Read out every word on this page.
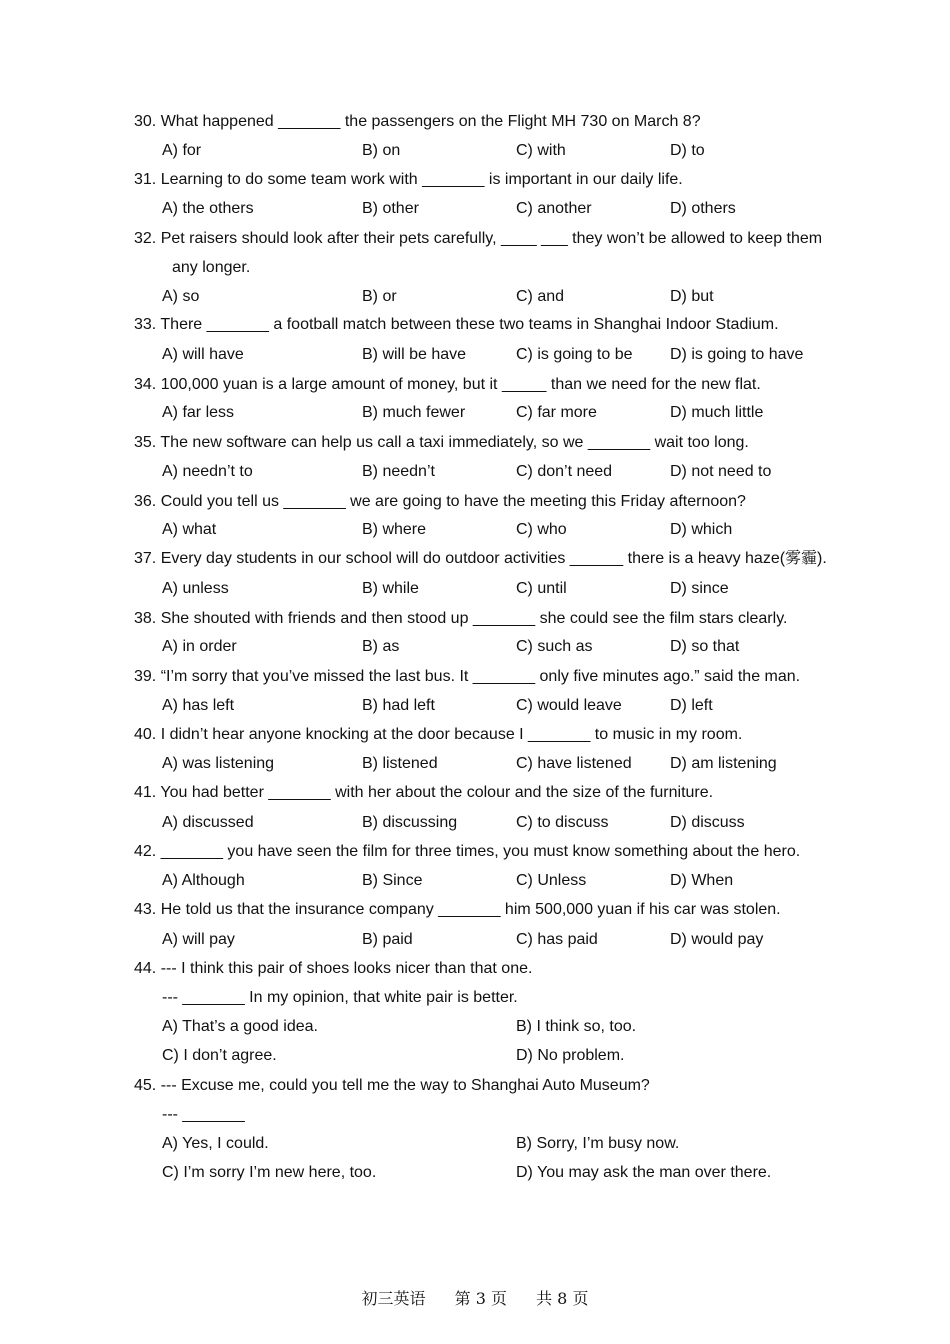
30. What happened _______ the passengers on the Flight MH 730 on March 8?
A) for	B) on	C) with	D) to
31. Learning to do some team work with _______ is important in our daily life.
A) the others	B) other	C) another	D) others
32. Pet raisers should look after their pets carefully, ____ ___ they won’t be allowed to keep them
any longer.
A) so	B) or	C) and	D) but
33. There _______ a football match between these two teams in Shanghai Indoor Stadium.
A) will have	B) will be have	C) is going to be D) is going to have
34. 100,000 yuan is a large amount of money, but it _____ than we need for the new flat.
A) far less	B) much fewer	C) far more	D) much little
35. The new software can help us call a taxi immediately, so we _______ wait too long.
A) needn’t to	B) needn’t	C) don’t need	D) not need to
36. Could you tell us _______ we are going to have the meeting this Friday afternoon?
A) what	B) where	C) who	D) which
37. Every day students in our school will do outdoor activities ______ there is a heavy haze(雾霾).
A) unless	B) while	C) until	D) since
38. She shouted with friends and then stood up _______ she could see the film stars clearly.
A) in order	B) as	C) such as	D) so that
39. “I’m sorry that you’ve missed the last bus. It _______ only five minutes ago.” said the man.
A) has left	B) had left	C) would leave	D) left
40. I didn’t hear anyone knocking at the door because I _______ to music in my room.
A) was listening	B) listened	C) have listened D) am listening
41. You had better _______ with her about the colour and the size of the furniture.
A) discussed	B) discussing	C) to discuss	D) discuss
42. _______ you have seen the film for three times, you must know something about the hero.
A) Although	B) Since	C) Unless	D) When
43. He told us that the insurance company _______ him 500,000 yuan if his car was stolen.
A) will pay	B) paid	C) has paid	D) would pay
44. --- I think this pair of shoes looks nicer than that one.
--- _______ In my opinion, that white pair is better.
A) That’s a good idea.	B) I think so, too.
C) I don’t agree.	D) No problem.
45. --- Excuse me, could you tell me the way to Shanghai Auto Museum?
--- _______
A) Yes, I could.	B) Sorry, I’m busy now.
C) I’m sorry I’m new here, too.	D) You may ask the man over there.
初三英语 第 3 页 共 8 页
